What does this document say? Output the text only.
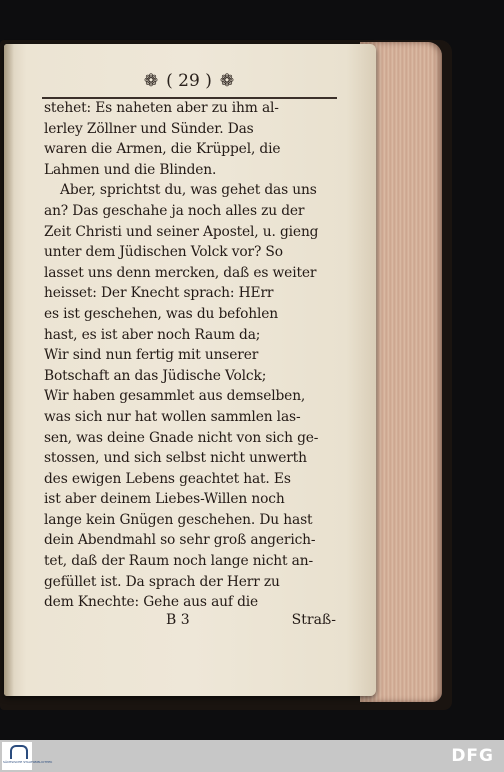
❁ ( 29 ) ❁
stehet: Es naheten aber zu ihm al-
lerley Zöllner und Sünder. Das
waren die Armen, die Krüppel, die
Lahmen und die Blinden.
Aber, sprichtst du, was gehet das uns
an? Das geschahe ja noch alles zu der
Zeit Christi und seiner Apostel, u. gieng
unter dem Jüdischen Volck vor? So
lasset uns denn mercken, daß es weiter
heisset: Der Knecht sprach: HErr
es ist geschehen, was du befohlen
hast, es ist aber noch Raum da;
Wir sind nun fertig mit unserer
Botschaft an das Jüdische Volck;
Wir haben gesammlet aus demselben,
was sich nur hat wollen sammlen las-
sen, was deine Gnade nicht von sich ge-
stossen, und sich selbst nicht unwerth
des ewigen Lebens geachtet hat. Es
ist aber deinem Liebes-Willen noch
lange kein Gnügen geschehen. Du hast
dein Abendmahl so sehr groß angerich-
tet, daß der Raum noch lange nicht an-
gefüllet ist. Da sprach der Herr zu
dem Knechte: Gehe aus auf die
B 3	Straß-
SÄCHSISCHE STAATSBIBLIOTHEK	DFG
